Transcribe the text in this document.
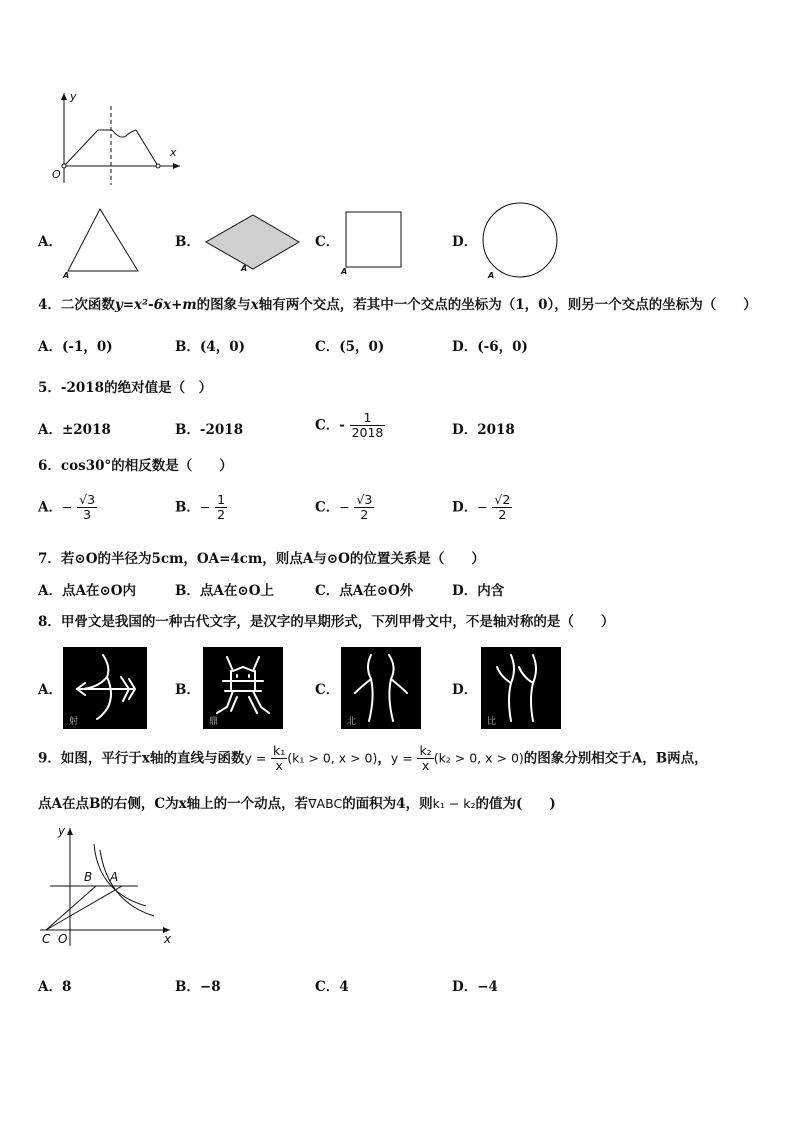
y
x
O
A．
A
B．
A
C．
A
D．
A
4．二次函数y=x²-6x+m的图象与x轴有两个交点，若其中一个交点的坐标为（1，0），则另一个交点的坐标为（　　）
A．(-1，0)	B．(4，0)	C．(5，0)	D．(-6，0)
5．-2018的绝对值是（　）
A．±2018	B．-2018	C．- $\frac{1}{2018}$	D．2018
6．cos30°的相反数是（　　）
A．− $\frac{√3}{3}$	B．− $\frac{1}{2}$	C．− $\frac{√3}{2}$	D．− $\frac{√2}{2}$
7．若⊙O的半径为5cm，OA=4cm，则点A与⊙O的位置关系是（　　）
A．点A在⊙O内	B．点A在⊙O上	C．点A在⊙O外	D．内含
8．甲骨文是我国的一种古代文字，是汉字的早期形式，下列甲骨文中，不是轴对称的是（　　）
A．
射
B．
鼎
C．
北
D．
比
9．如图，平行于x轴的直线与函数$y = \frac{\text{k₁}}{x} (k_1 > 0$, x > 0)，$y = \frac{\text{k₂}}{x} (k_2 > 0$, x > 0)的图象分别相交于A，B两点，
点A在点B的右侧，C为x轴上的一个动点，若∇ABC的面积为4，则k₁ − k₂的值为(　　)
y
x
B A
C O
A．8	B．−8	C．4	D．−4
